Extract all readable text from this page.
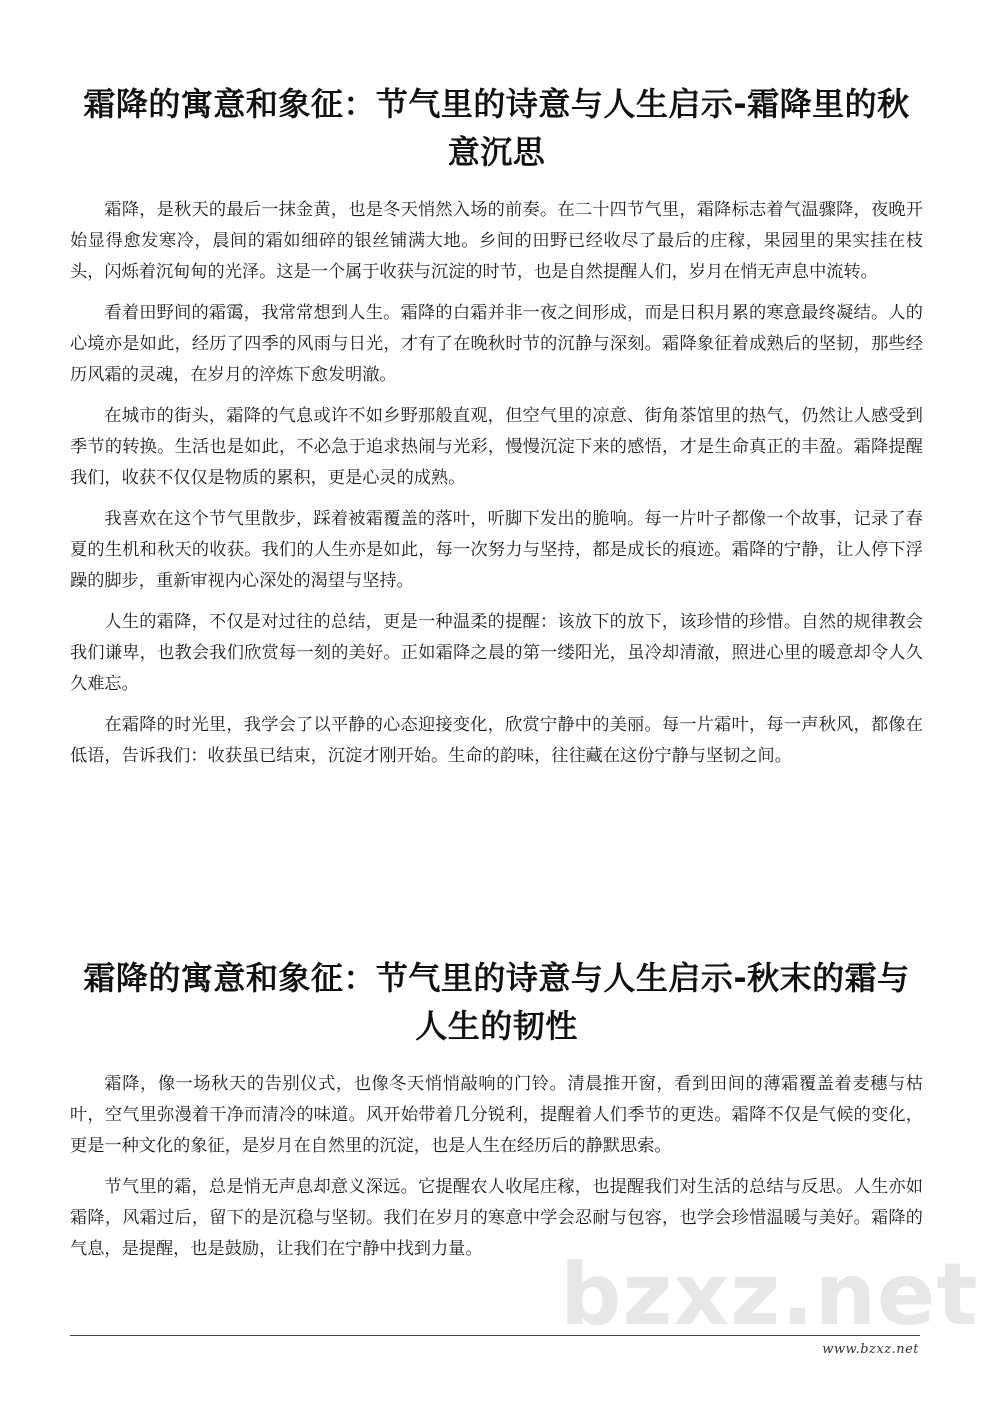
霜降的寓意和象征：节气里的诗意与人生启示-霜降里的秋意沉思

霜降，是秋天的最后一抹金黄，也是冬天悄然入场的前奏。在二十四节气里，霜降标志着气温骤降，夜晚开始显得愈发寒冷，晨间的霜如细碎的银丝铺满大地。乡间的田野已经收尽了最后的庄稼，果园里的果实挂在枝头，闪烁着沉甸甸的光泽。这是一个属于收获与沉淀的时节，也是自然提醒人们，岁月在悄无声息中流转。

看着田野间的霜霭，我常常想到人生。霜降的白霜并非一夜之间形成，而是日积月累的寒意最终凝结。人的心境亦是如此，经历了四季的风雨与日光，才有了在晚秋时节的沉静与深刻。霜降象征着成熟后的坚韧，那些经历风霜的灵魂，在岁月的淬炼下愈发明澈。

在城市的街头，霜降的气息或许不如乡野那般直观，但空气里的凉意、街角茶馆里的热气，仍然让人感受到季节的转换。生活也是如此，不必急于追求热闹与光彩，慢慢沉淀下来的感悟，才是生命真正的丰盈。霜降提醒我们，收获不仅仅是物质的累积，更是心灵的成熟。

我喜欢在这个节气里散步，踩着被霜覆盖的落叶，听脚下发出的脆响。每一片叶子都像一个故事，记录了春夏的生机和秋天的收获。我们的人生亦是如此，每一次努力与坚持，都是成长的痕迹。霜降的宁静，让人停下浮躁的脚步，重新审视内心深处的渴望与坚持。

人生的霜降，不仅是对过往的总结，更是一种温柔的提醒：该放下的放下，该珍惜的珍惜。自然的规律教会我们谦卑，也教会我们欣赏每一刻的美好。正如霜降之晨的第一缕阳光，虽冷却清澈，照进心里的暖意却令人久久难忘。

在霜降的时光里，我学会了以平静的心态迎接变化，欣赏宁静中的美丽。每一片霜叶，每一声秋风，都像在低语，告诉我们：收获虽已结束，沉淀才刚开始。生命的韵味，往往藏在这份宁静与坚韧之间。

霜降的寓意和象征：节气里的诗意与人生启示-秋末的霜与人生的韧性

霜降，像一场秋天的告别仪式，也像冬天悄悄敲响的门铃。清晨推开窗，看到田间的薄霜覆盖着麦穗与枯叶，空气里弥漫着干净而清冷的味道。风开始带着几分锐利，提醒着人们季节的更迭。霜降不仅是气候的变化，更是一种文化的象征，是岁月在自然里的沉淀，也是人生在经历后的静默思索。

节气里的霜，总是悄无声息却意义深远。它提醒农人收尾庄稼，也提醒我们对生活的总结与反思。人生亦如霜降，风霜过后，留下的是沉稳与坚韧。我们在岁月的寒意中学会忍耐与包容，也学会珍惜温暖与美好。霜降的气息，是提醒，也是鼓励，让我们在宁静中找到力量。 bzxz.net
www.bzxz.net
